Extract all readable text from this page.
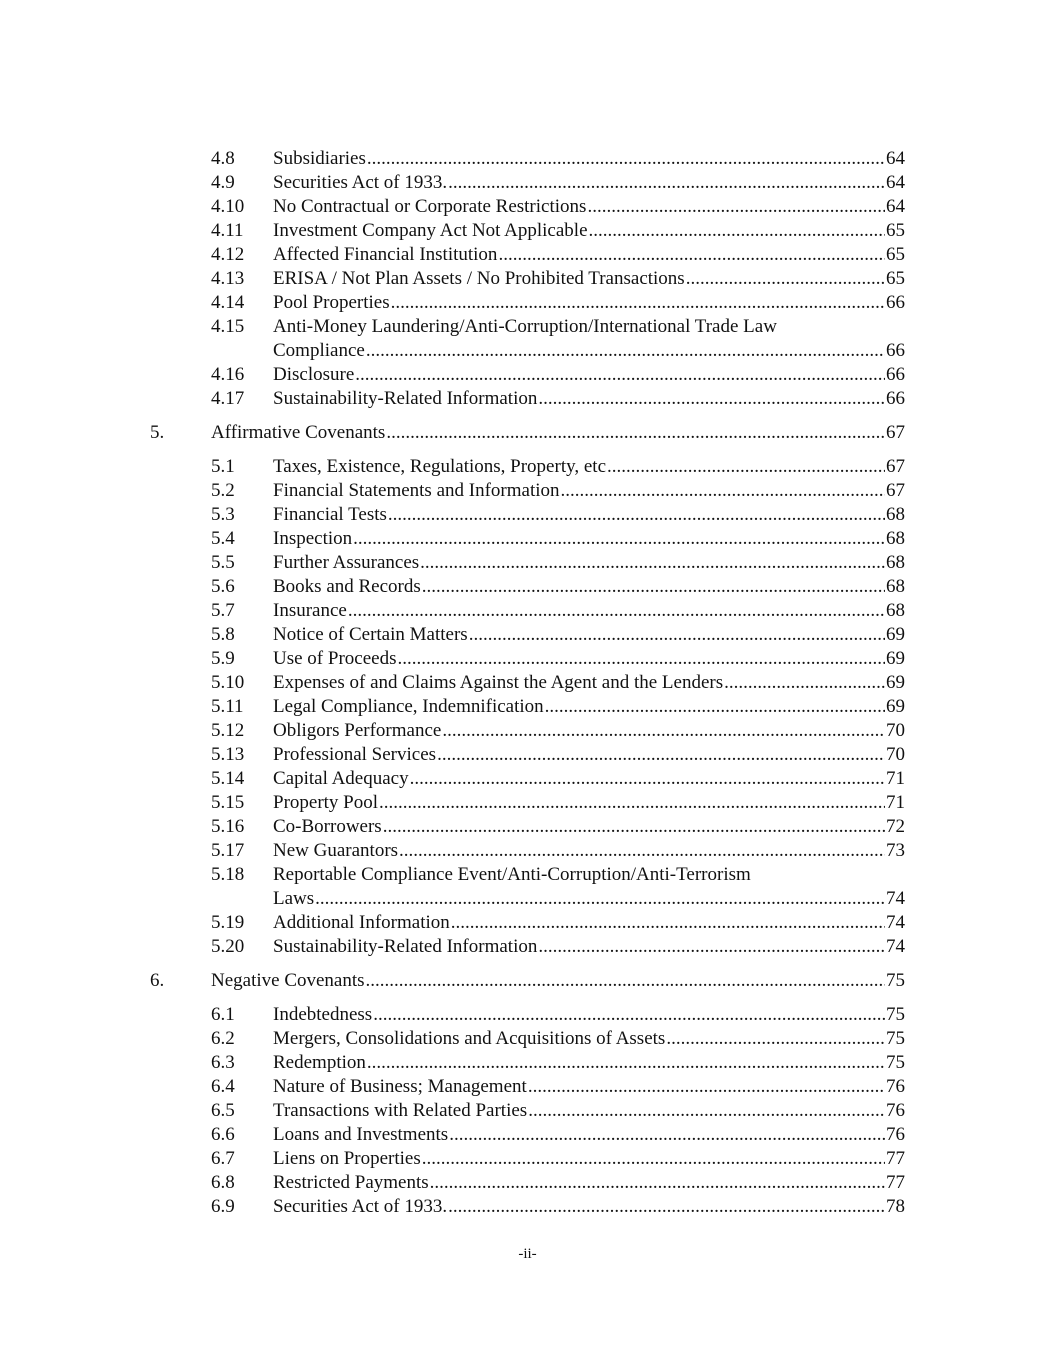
4.8 Subsidiaries .....	64
4.9 Securities Act of 1933. .....	64
4.10 No Contractual or Corporate Restrictions .....	64
4.11 Investment Company Act Not Applicable .....	65
4.12 Affected Financial Institution .....	65
4.13 ERISA / Not Plan Assets / No Prohibited Transactions .....	65
4.14 Pool Properties .....	66
4.15 Anti-Money Laundering/Anti-Corruption/International Trade Law
Compliance .....	66
4.16 Disclosure .....	66
4.17 Sustainability-Related Information .....	66
5. Affirmative Covenants .....	67
5.1 Taxes, Existence, Regulations, Property, etc .....	67
5.2 Financial Statements and Information .....	67
5.3 Financial Tests .....	68
5.4 Inspection .....	68
5.5 Further Assurances .....	68
5.6 Books and Records .....	68
5.7 Insurance .....	68
5.8 Notice of Certain Matters .....	69
5.9 Use of Proceeds .....	69
5.10 Expenses of and Claims Against the Agent and the Lenders .....	69
5.11 Legal Compliance, Indemnification .....	69
5.12 Obligors Performance .....	70
5.13 Professional Services .....	70
5.14 Capital Adequacy .....	71
5.15 Property Pool .....	71
5.16 Co-Borrowers .....	72
5.17 New Guarantors .....	73
5.18 Reportable Compliance Event/Anti-Corruption/Anti-Terrorism
Laws .....	74
5.19 Additional Information .....	74
5.20 Sustainability-Related Information .....	74
6. Negative Covenants .....	75
6.1 Indebtedness .....	75
6.2 Mergers, Consolidations and Acquisitions of Assets .....	75
6.3 Redemption .....	75
6.4 Nature of Business; Management .....	76
6.5 Transactions with Related Parties .....	76
6.6 Loans and Investments .....	76
6.7 Liens on Properties .....	77
6.8 Restricted Payments .....	77
6.9 Securities Act of 1933. .....	78
-ii-
